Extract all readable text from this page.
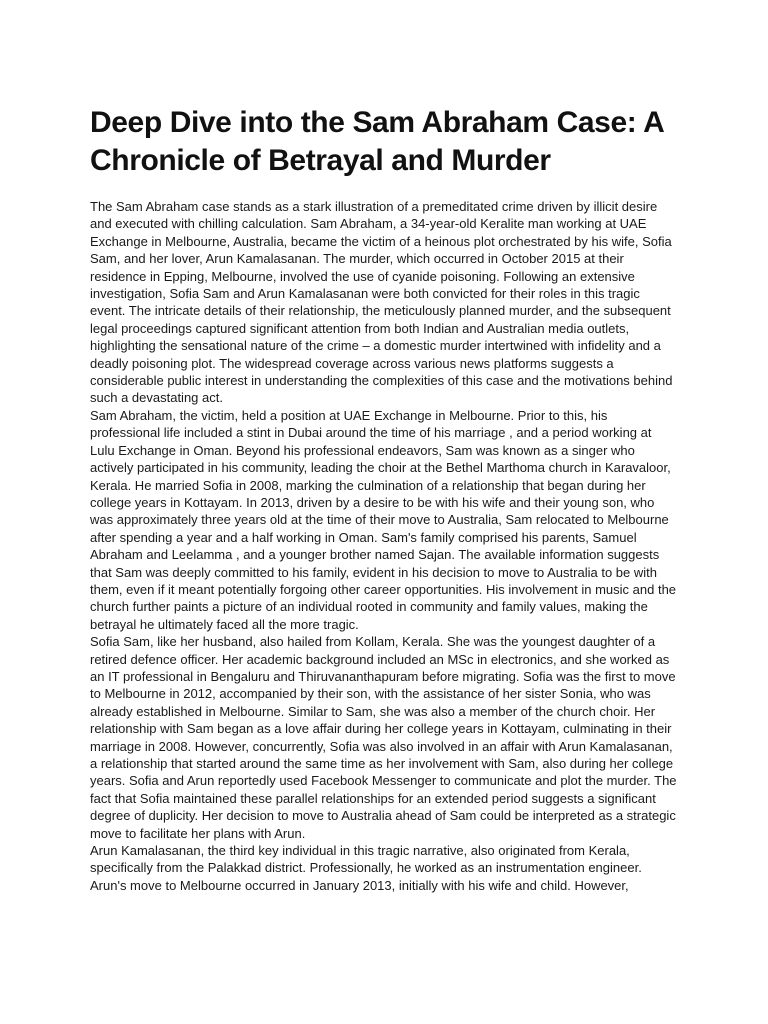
Deep Dive into the Sam Abraham Case: A Chronicle of Betrayal and Murder

The Sam Abraham case stands as a stark illustration of a premeditated crime driven by illicit desire and executed with chilling calculation. Sam Abraham, a 34-year-old Keralite man working at UAE Exchange in Melbourne, Australia, became the victim of a heinous plot orchestrated by his wife, Sofia Sam, and her lover, Arun Kamalasanan. The murder, which occurred in October 2015 at their residence in Epping, Melbourne, involved the use of cyanide poisoning. Following an extensive investigation, Sofia Sam and Arun Kamalasanan were both convicted for their roles in this tragic event. The intricate details of their relationship, the meticulously planned murder, and the subsequent legal proceedings captured significant attention from both Indian and Australian media outlets, highlighting the sensational nature of the crime – a domestic murder intertwined with infidelity and a deadly poisoning plot. The widespread coverage across various news platforms suggests a considerable public interest in understanding the complexities of this case and the motivations behind such a devastating act.

Sam Abraham, the victim, held a position at UAE Exchange in Melbourne. Prior to this, his professional life included a stint in Dubai around the time of his marriage , and a period working at Lulu Exchange in Oman. Beyond his professional endeavors, Sam was known as a singer who actively participated in his community, leading the choir at the Bethel Marthoma church in Karavaloor, Kerala. He married Sofia in 2008, marking the culmination of a relationship that began during her college years in Kottayam. In 2013, driven by a desire to be with his wife and their young son, who was approximately three years old at the time of their move to Australia, Sam relocated to Melbourne after spending a year and a half working in Oman. Sam's family comprised his parents, Samuel Abraham and Leelamma , and a younger brother named Sajan. The available information suggests that Sam was deeply committed to his family, evident in his decision to move to Australia to be with them, even if it meant potentially forgoing other career opportunities. His involvement in music and the church further paints a picture of an individual rooted in community and family values, making the betrayal he ultimately faced all the more tragic.

Sofia Sam, like her husband, also hailed from Kollam, Kerala. She was the youngest daughter of a retired defence officer. Her academic background included an MSc in electronics, and she worked as an IT professional in Bengaluru and Thiruvananthapuram before migrating. Sofia was the first to move to Melbourne in 2012, accompanied by their son, with the assistance of her sister Sonia, who was already established in Melbourne. Similar to Sam, she was also a member of the church choir. Her relationship with Sam began as a love affair during her college years in Kottayam, culminating in their marriage in 2008. However, concurrently, Sofia was also involved in an affair with Arun Kamalasanan, a relationship that started around the same time as her involvement with Sam, also during her college years. Sofia and Arun reportedly used Facebook Messenger to communicate and plot the murder. The fact that Sofia maintained these parallel relationships for an extended period suggests a significant degree of duplicity. Her decision to move to Australia ahead of Sam could be interpreted as a strategic move to facilitate her plans with Arun.

Arun Kamalasanan, the third key individual in this tragic narrative, also originated from Kerala, specifically from the Palakkad district. Professionally, he worked as an instrumentation engineer. Arun's move to Melbourne occurred in January 2013, initially with his wife and child. However,
